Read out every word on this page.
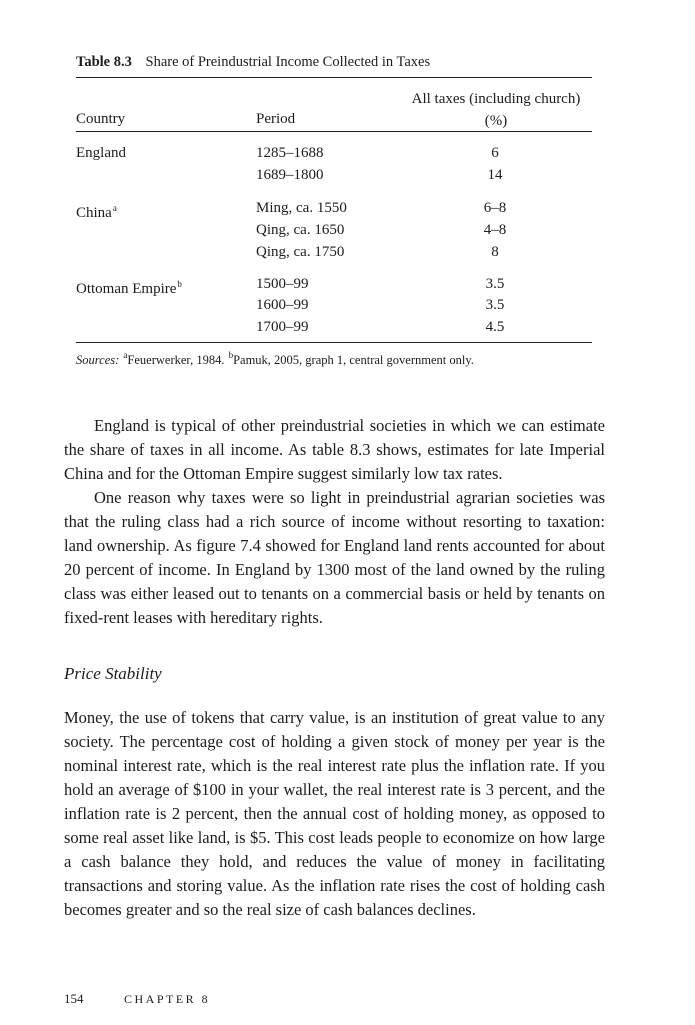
Table 8.3 Share of Preindustrial Income Collected in Taxes
All taxes (including church)
(%)
Country	Period
England	1285–1688	6
1689–1800	14
China$^a$	Ming, ca. 1550	6–8
Qing, ca. 1650	4–8
Qing, ca. 1750	8
Ottoman Empire$^b$	1500–99	3.5
1600–99	3.5
1700–99	4.5
Sources: $^a$Feuerwerker, 1984. $^b$Pamuk, 2005, graph 1, central government only.

England is typical of other preindustrial societies in which we can estimate the share of taxes in all income. As table 8.3 shows, estimates for late Imperial China and for the Ottoman Empire suggest similarly low tax rates.

One reason why taxes were so light in preindustrial agrarian societies was that the ruling class had a rich source of income without resorting to taxation: land ownership. As figure 7.4 showed for England land rents accounted for about 20 percent of income. In England by 1300 most of the land owned by the ruling class was either leased out to tenants on a commercial basis or held by tenants on fixed-rent leases with hereditary rights.

Price Stability

Money, the use of tokens that carry value, is an institution of great value to any society. The percentage cost of holding a given stock of money per year is the nominal interest rate, which is the real interest rate plus the inflation rate. If you hold an average of $100 in your wallet, the real interest rate is 3 percent, and the inflation rate is 2 percent, then the annual cost of holding money, as opposed to some real asset like land, is $5. This cost leads people to economize on how large a cash balance they hold, and reduces the value of money in facilitating transactions and storing value. As the inflation rate rises the cost of holding cash becomes greater and so the real size of cash balances declines.

154	CHAPTER 8
